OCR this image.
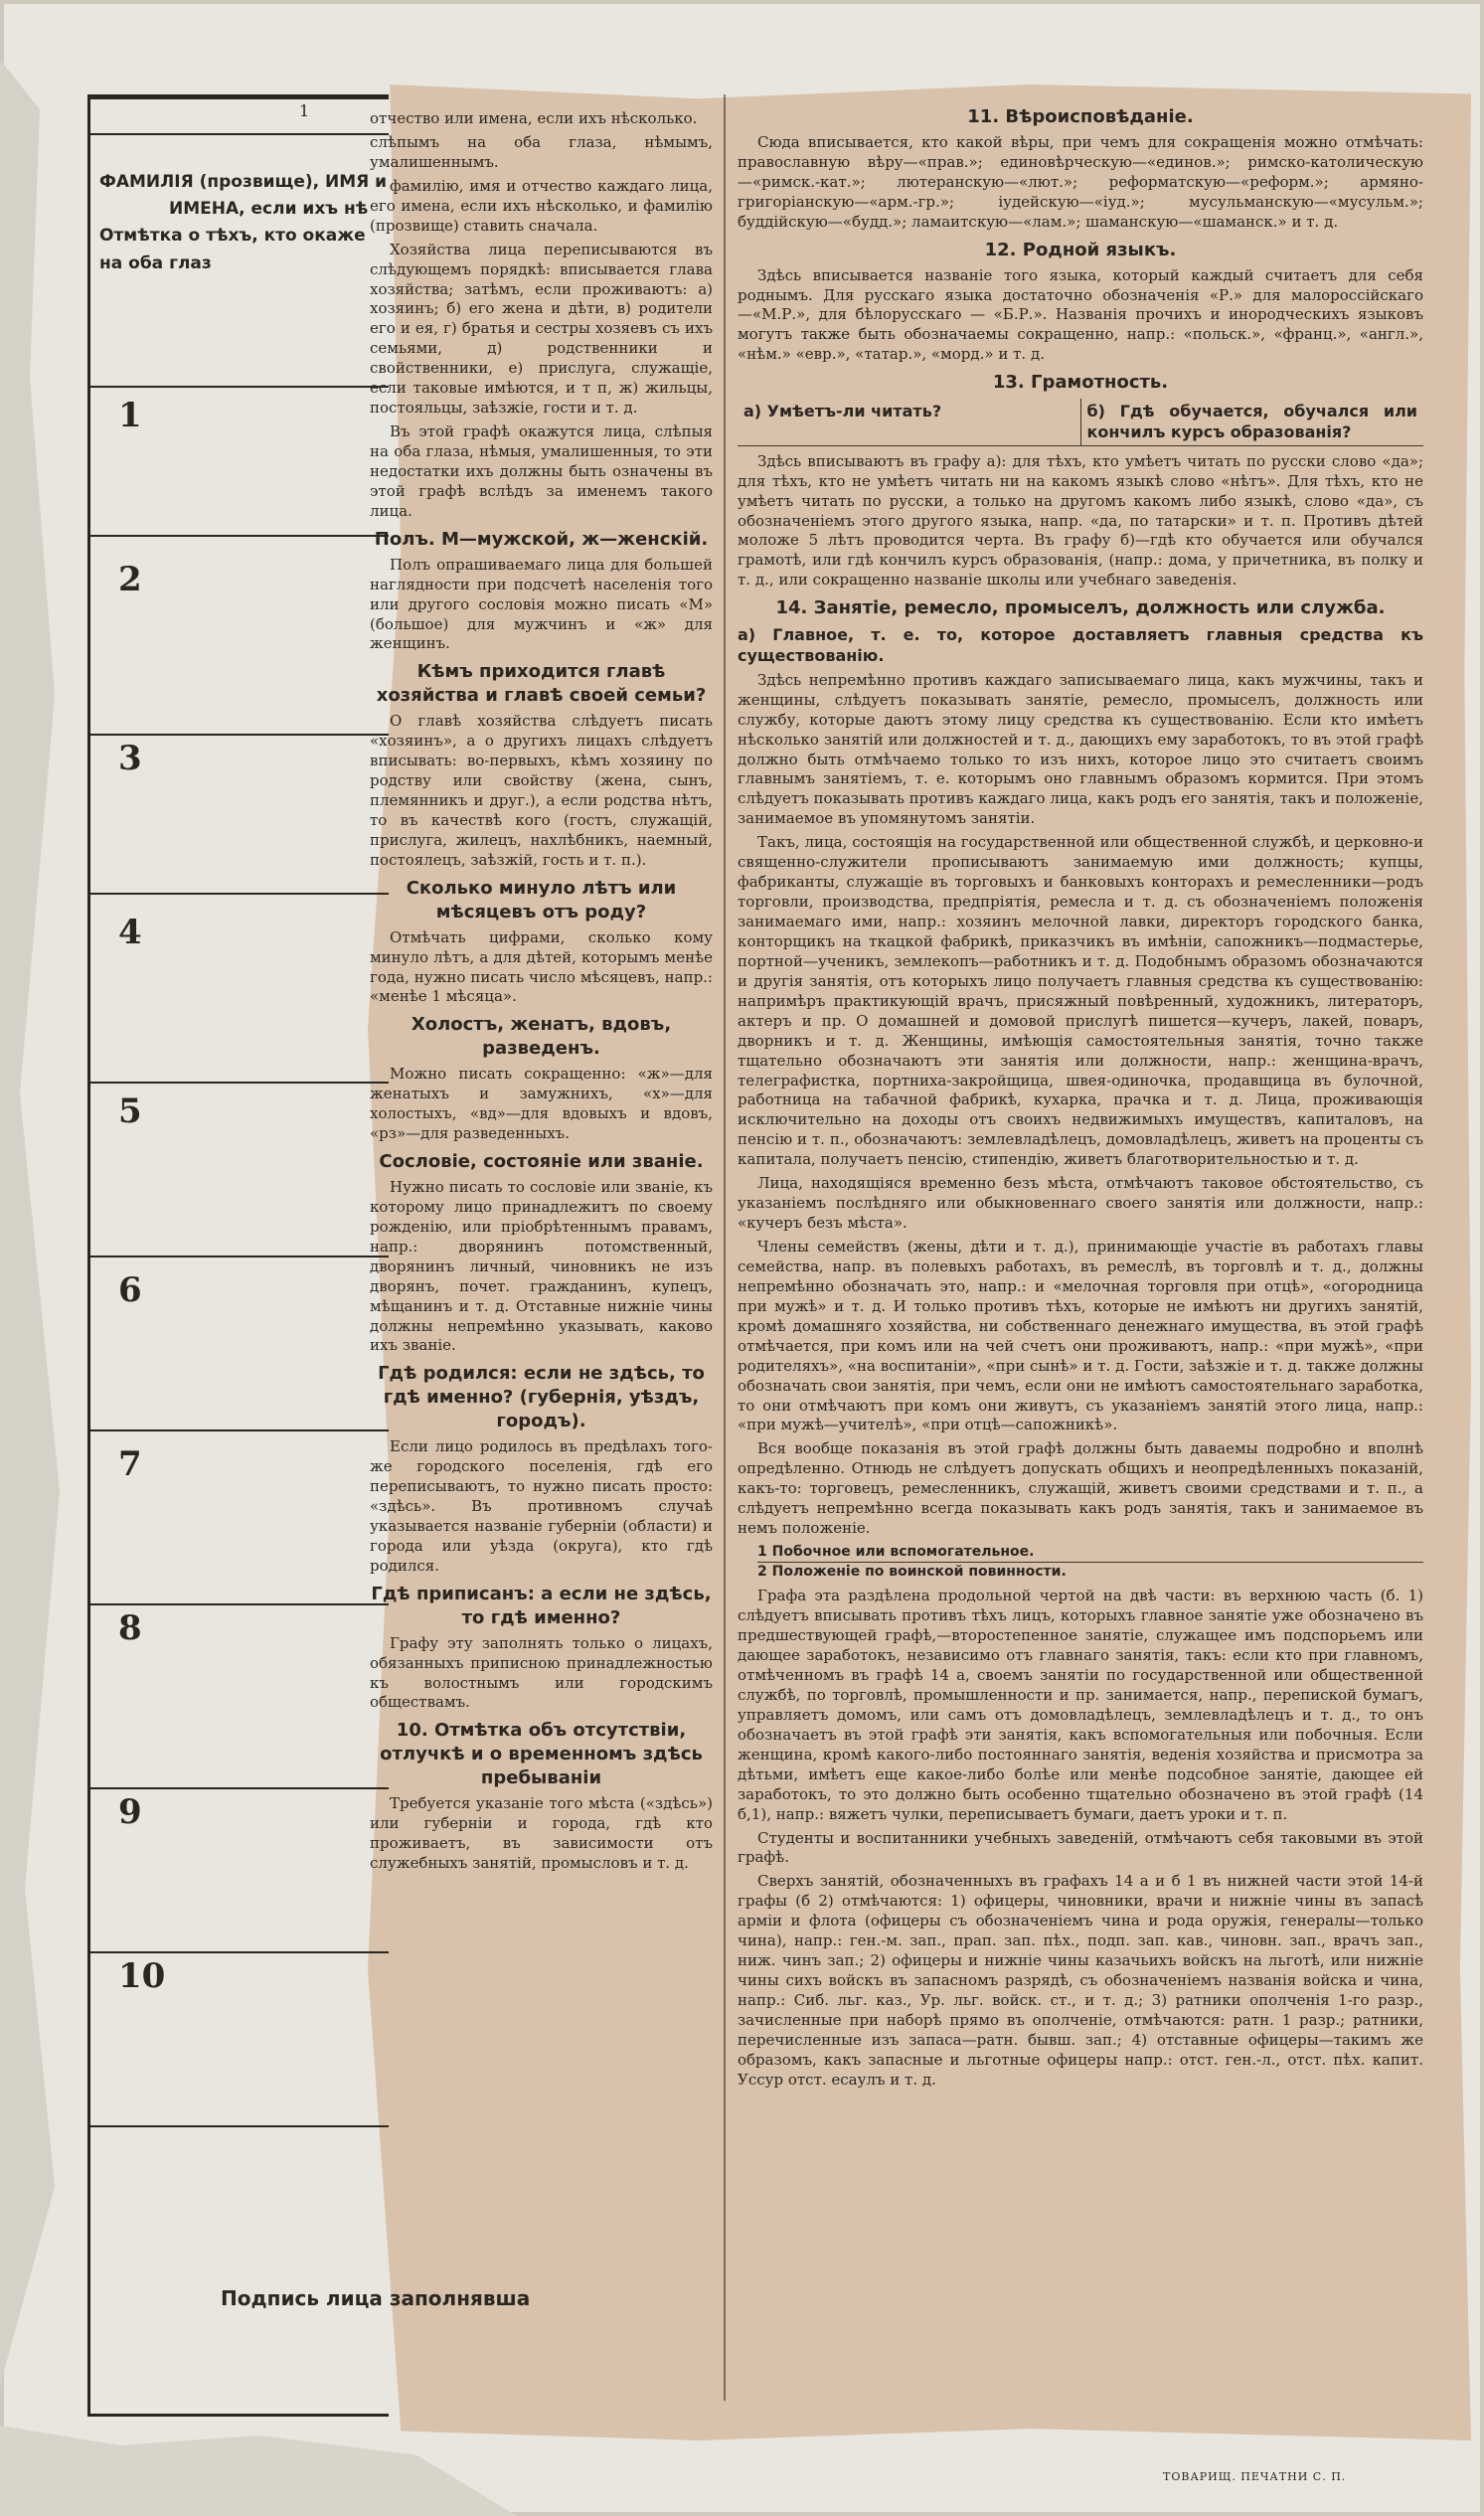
1
1
2
3
4
5
6
7
8
9
10
ФАМИЛІЯ (прозвище), ИМЯ и
ИМЕНА, если ихъ нѣ
Отмѣтка о тѣхъ, кто окаже
на оба глаз

отчество или имена, если ихъ нѣсколько.

слѣпымъ на оба глаза, нѣмымъ, умалишеннымъ.

фамилію, имя и отчество каждаго лица, его имена, если ихъ нѣсколько, и фамилію (прозвище) ставить сначала.

Хозяйства лица переписываются въ слѣдующемъ порядкѣ: вписывается глава хозяйства; затѣмъ, если проживаютъ: а) хозяинъ; б) его жена и дѣти, в) родители его и ея, г) братья и сестры хозяевъ съ ихъ семьями, д) родственники и свойственники, е) прислуга, служащіе, если таковые имѣются, и т п, ж) жильцы, постояльцы, заѣзжіе, гости и т. д.

Въ этой графѣ окажутся лица, слѣпыя на оба глаза, нѣмыя, умалишенныя, то эти недостатки ихъ должны быть означены въ этой графѣ вслѣдъ за именемъ такого лица.

Полъ. М—мужской, ж—женскій.

Полъ опрашиваемаго лица для большей наглядности при подсчетѣ населенія того или другого сословія можно писать «М» (большое) для мужчинъ и «ж» для женщинъ.

Кѣмъ приходится главѣ хозяйства и главѣ своей семьи?

О главѣ хозяйства слѣдуетъ писать «хозяинъ», а о другихъ лицахъ слѣдуетъ вписывать: во-первыхъ, кѣмъ хозяину по родству или свойству (жена, сынъ, племянникъ и друг.), а если родства нѣтъ, то въ качествѣ кого (гостъ, служащій, прислуга, жилецъ, нахлѣбникъ, наемный, постоялецъ, заѣзжій, гость и т. п.).

Сколько минуло лѣтъ или мѣсяцевъ отъ роду?

Отмѣчать цифрами, сколько кому минуло лѣтъ, а для дѣтей, которымъ менѣе года, нужно писать число мѣсяцевъ, напр.: «менѣе 1 мѣсяца».

Холостъ, женатъ, вдовъ, разведенъ.

Можно писать сокращенно: «ж»—для женатыхъ и замужнихъ, «х»—для холостыхъ, «вд»—для вдовыхъ и вдовъ, «рз»—для разведенныхъ.

Сословіе, состояніе или званіе.

Нужно писать то сословіе или званіе, къ которому лицо принадлежитъ по своему рожденію, или пріобрѣтеннымъ правамъ, напр.: дворянинъ потомственный, дворянинъ личный, чиновникъ не изъ дворянъ, почет. гражданинъ, купецъ, мѣщанинъ и т. д. Отставные нижніе чины должны непремѣнно указывать, каково ихъ званіе.

Гдѣ родился: если не здѣсь, то гдѣ именно? (губернія, уѣздъ, городъ).

Если лицо родилось въ предѣлахъ того-же городского поселенія, гдѣ его переписываютъ, то нужно писать просто: «здѣсь». Въ противномъ случаѣ указывается названіе губерніи (области) и города или уѣзда (округа), кто гдѣ родился.

Гдѣ приписанъ: а если не здѣсь, то гдѣ именно?

Графу эту заполнять только о лицахъ, обязанныхъ приписною принадлежностью къ волостнымъ или городскимъ обществамъ.

10. Отмѣтка объ отсутствіи, отлучкѣ и о временномъ здѣсь пребываніи

Требуется указаніе того мѣста («здѣсь») или губерніи и города, гдѣ кто проживаетъ, въ зависимости отъ служебныхъ занятій, промысловъ и т. д.

11. Вѣроисповѣданіе.

Сюда вписывается, кто какой вѣры, при чемъ для сокращенія можно отмѣчать: православную вѣру—«прав.»; единовѣрческую—«единов.»; римско-католическую—«римск.-кат.»; лютеранскую—«лют.»; реформатскую—«реформ.»; армяно-григоріанскую—«арм.-гр.»; іудейскую—«іуд.»; мусульманскую—«мусульм.»; буддійскую—«будд.»; ламаитскую—«лам.»; шаманскую—«шаманск.» и т. д.

12. Родной языкъ.

Здѣсь вписывается названіе того языка, который каждый считаетъ для себя роднымъ. Для русскаго языка достаточно обозначенія «Р.» для малороссійскаго—«М.Р.», для бѣлорусскаго — «Б.Р.». Названія прочихъ и инородческихъ языковъ могутъ также быть обозначаемы сокращенно, напр.: «польск.», «франц.», «англ.», «нѣм.» «евр.», «татар.», «морд.» и т. д.

13. Грамотность.
а) Умѣетъ-ли читать?	б) Гдѣ обучается, обучался или кончилъ курсъ образованія?

Здѣсь вписываютъ въ графу а): для тѣхъ, кто умѣетъ читать по русски слово «да»; для тѣхъ, кто не умѣетъ читать ни на какомъ языкѣ слово «нѣтъ». Для тѣхъ, кто не умѣетъ читать по русски, а только на другомъ какомъ либо языкѣ, слово «да», съ обозначеніемъ этого другого языка, напр. «да, по татарски» и т. п. Противъ дѣтей моложе 5 лѣтъ проводится черта. Въ графу б)—гдѣ кто обучается или обучался грамотѣ, или гдѣ кончилъ курсъ образованія, (напр.: дома, у причетника, въ полку и т. д., или сокращенно названіе школы или учебнаго заведенія.

14. Занятіе, ремесло, промыселъ, должность или служба.

а) Главное, т. е. то, которое доставляетъ главныя средства къ существованію.

Здѣсь непремѣнно противъ каждаго записываемаго лица, какъ мужчины, такъ и женщины, слѣдуетъ показывать занятіе, ремесло, промыселъ, должность или службу, которые даютъ этому лицу средства къ существованію. Если кто имѣетъ нѣсколько занятій или должностей и т. д., дающихъ ему заработокъ, то въ этой графѣ должно быть отмѣчаемо только то изъ нихъ, которое лицо это считаетъ своимъ главнымъ занятіемъ, т. е. которымъ оно главнымъ образомъ кормится. При этомъ слѣдуетъ показывать противъ каждаго лица, какъ родъ его занятія, такъ и положеніе, занимаемое въ упомянутомъ занятіи.

Такъ, лица, состоящія на государственной или общественной службѣ, и церковно-и священно-служители прописываютъ занимаемую ими должность; купцы, фабриканты, служащіе въ торговыхъ и банковыхъ конторахъ и ремесленники—родъ торговли, производства, предпріятія, ремесла и т. д. съ обозначеніемъ положенія занимаемаго ими, напр.: хозяинъ мелочной лавки, директоръ городского банка, конторщикъ на ткацкой фабрикѣ, приказчикъ въ имѣніи, сапожникъ—подмастерье, портной—ученикъ, землекопъ—работникъ и т. д. Подобнымъ образомъ обозначаются и другія занятія, отъ которыхъ лицо получаетъ главныя средства къ существованію: напримѣръ практикующій врачъ, присяжный повѣренный, художникъ, литераторъ, актеръ и пр. О домашней и домовой прислугѣ пишется—кучеръ, лакей, поваръ, дворникъ и т. д. Женщины, имѣющія самостоятельныя занятія, точно также тщательно обозначаютъ эти занятія или должности, напр.: женщина-врачъ, телеграфистка, портниха-закройщица, швея-одиночка, продавщица въ булочной, работница на табачной фабрикѣ, кухарка, прачка и т. д. Лица, проживающія исключительно на доходы отъ своихъ недвижимыхъ имуществъ, капиталовъ, на пенсію и т. п., обозначаютъ: землевладѣлецъ, домовладѣлецъ, живетъ на проценты съ капитала, получаетъ пенсію, стипендію, живетъ благотворительностью и т. д.

Лица, находящіяся временно безъ мѣста, отмѣчаютъ таковое обстоятельство, съ указаніемъ послѣдняго или обыкновеннаго своего занятія или должности, напр.: «кучеръ безъ мѣста».

Члены семействъ (жены, дѣти и т. д.), принимающіе участіе въ работахъ главы семейства, напр. въ полевыхъ работахъ, въ ремеслѣ, въ торговлѣ и т. д., должны непремѣнно обозначать это, напр.: и «мелочная торговля при отцѣ», «огородница при мужѣ» и т. д. И только противъ тѣхъ, которые не имѣютъ ни другихъ занятій, кромѣ домашняго хозяйства, ни собственнаго денежнаго имущества, въ этой графѣ отмѣчается, при комъ или на чей счетъ они проживаютъ, напр.: «при мужѣ», «при родителяхъ», «на воспитаніи», «при сынѣ» и т. д. Гости, заѣзжіе и т. д. также должны обозначать свои занятія, при чемъ, если они не имѣютъ самостоятельнаго заработка, то они отмѣчаютъ при комъ они живутъ, съ указаніемъ занятій этого лица, напр.: «при мужѣ—учителѣ», «при отцѣ—сапожникѣ».

Вся вообще показанія въ этой графѣ должны быть даваемы подробно и вполнѣ опредѣленно. Отнюдь не слѣдуетъ допускать общихъ и неопредѣленныхъ показаній, какъ-то: торговецъ, ремесленникъ, служащій, живетъ своими средствами и т. п., а слѣдуетъ непремѣнно всегда показывать какъ родъ занятія, такъ и занимаемое въ немъ положеніе.

1 Побочное или вспомогательное.
2 Положеніе по воинской повинности.

Графа эта раздѣлена продольной чертой на двѣ части: въ верхнюю часть (б. 1) слѣдуетъ вписывать противъ тѣхъ лицъ, которыхъ главное занятіе уже обозначено въ предшествующей графѣ,—второстепенное занятіе, служащее имъ подспорьемъ или дающее заработокъ, независимо отъ главнаго занятія, такъ: если кто при главномъ, отмѣченномъ въ графѣ 14 а, своемъ занятіи по государственной или общественной службѣ, по торговлѣ, промышленности и пр. занимается, напр., перепиской бумагъ, управляетъ домомъ, или самъ отъ домовладѣлецъ, землевладѣлецъ и т. д., то онъ обозначаетъ въ этой графѣ эти занятія, какъ вспомогательныя или побочныя. Если женщина, кромѣ какого-либо постояннаго занятія, веденія хозяйства и присмотра за дѣтьми, имѣетъ еще какое-либо болѣе или менѣе подсобное занятіе, дающее ей заработокъ, то это должно быть особенно тщательно обозначено въ этой графѣ (14 б,1), напр.: вяжетъ чулки, переписываетъ бумаги, даетъ уроки и т. п.

Студенты и воспитанники учебныхъ заведеній, отмѣчаютъ себя таковыми въ этой графѣ.

Сверхъ занятій, обозначенныхъ въ графахъ 14 а и б 1 въ нижней части этой 14-й графы (б 2) отмѣчаются: 1) офицеры, чиновники, врачи и нижніе чины въ запасѣ арміи и флота (офицеры съ обозначеніемъ чина и рода оружія, генералы—только чина), напр.: ген.-м. зап., прап. зап. пѣх., подп. зап. кав., чиновн. зап., врачъ зап., ниж. чинъ зап.; 2) офицеры и нижніе чины казачьихъ войскъ на льготѣ, или нижніе чины сихъ войскъ въ запасномъ разрядѣ, съ обозначеніемъ названія войска и чина, напр.: Сиб. льг. каз., Ур. льг. войск. ст., и т. д.; 3) ратники ополченія 1-го разр., зачисленные при наборѣ прямо въ ополченіе, отмѣчаются: ратн. 1 разр.; ратники, перечисленные изъ запаса—ратн. бывш. зап.; 4) отставные офицеры—такимъ же образомъ, какъ запасные и льготные офицеры напр.: отст. ген.-л., отст. пѣх. капит. Уссур отст. есаулъ и т. д.

Подпись лица заполнявша
ТОВАРИЩ. ПЕЧАТНИ С. П.
